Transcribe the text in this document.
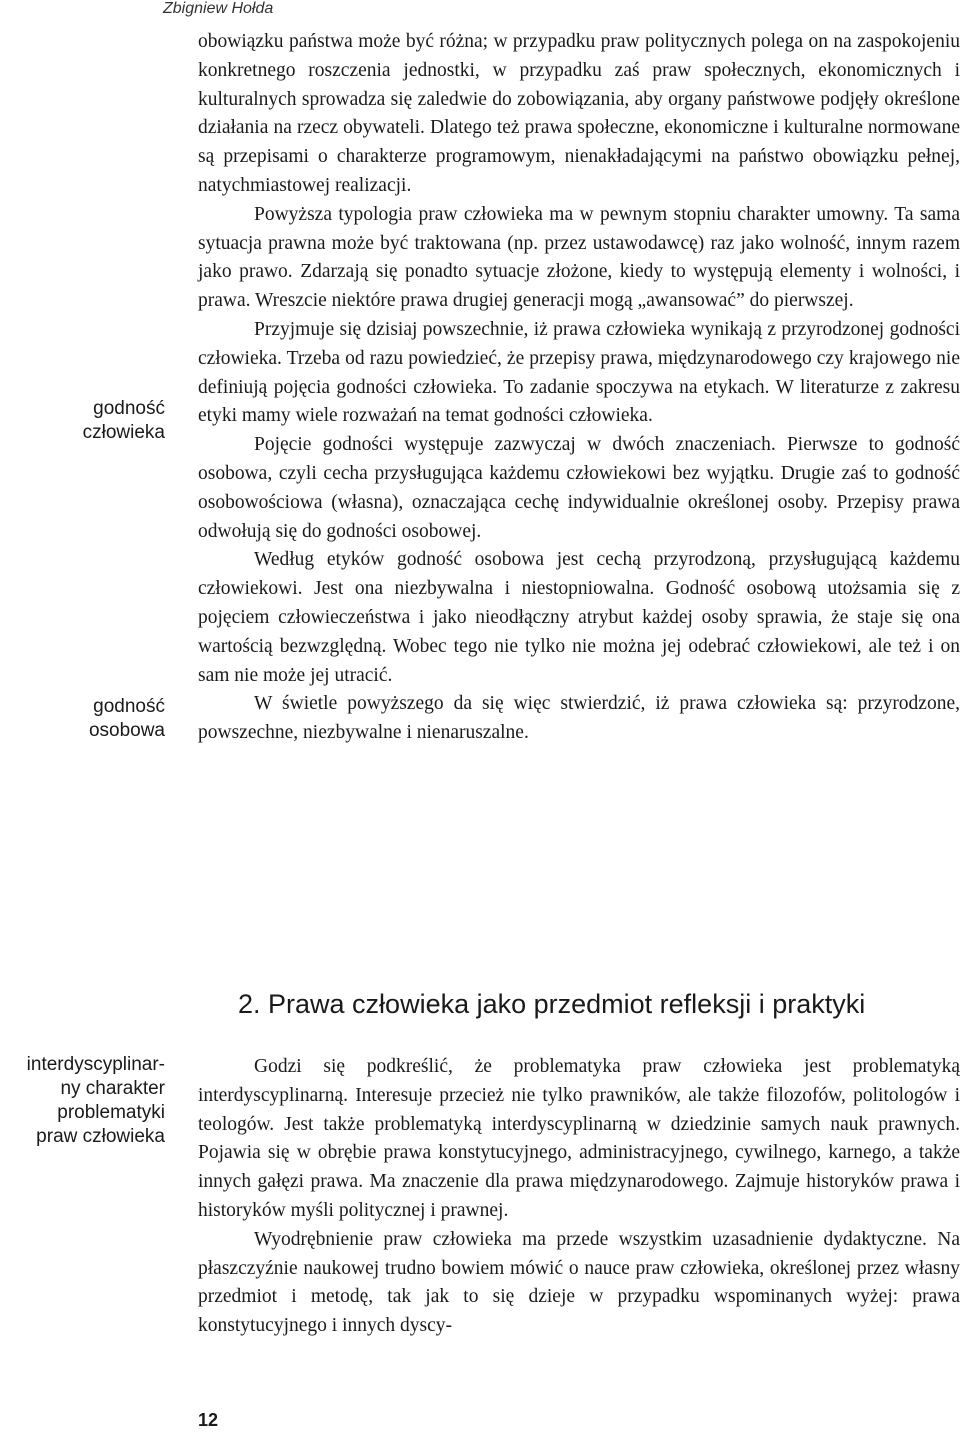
Zbigniew Hołda

obowiązku państwa może być różna; w przypadku praw politycznych polega on na zaspokojeniu konkretnego roszczenia jednostki, w przypadku zaś praw społecznych, ekonomicznych i kulturalnych sprowadza się zaledwie do zobowiązania, aby organy państwowe podjęły określone działania na rzecz obywateli. Dlatego też prawa społeczne, ekonomiczne i kulturalne normowane są przepisami o charakterze programowym, nienakładającymi na państwo obowiązku pełnej, natychmiastowej realizacji.

Powyższa typologia praw człowieka ma w pewnym stopniu charakter umowny. Ta sama sytuacja prawna może być traktowana (np. przez ustawodawcę) raz jako wolność, innym razem jako prawo. Zdarzają się ponadto sytuacje złożone, kiedy to występują elementy i wolności, i prawa. Wreszcie niektóre prawa drugiej generacji mogą „awansować” do pierwszej.

Przyjmuje się dzisiaj powszechnie, iż prawa człowieka wynikają z przyrodzonej godności człowieka. Trzeba od razu powiedzieć, że przepisy prawa, międzynarodowego czy krajowego nie definiują pojęcia godności człowieka. To zadanie spoczywa na etykach. W literaturze z zakresu etyki mamy wiele rozważań na temat godności człowieka.

Pojęcie godności występuje zazwyczaj w dwóch znaczeniach. Pierwsze to godność osobowa, czyli cecha przysługująca każdemu człowiekowi bez wyjątku. Drugie zaś to godność osobowościowa (własna), oznaczająca cechę indywidualnie określonej osoby. Przepisy prawa odwołują się do godności osobowej.

Według etyków godność osobowa jest cechą przyrodzoną, przysługującą każdemu człowiekowi. Jest ona niezbywalna i niestopniowalna. Godność osobową utożsamia się z pojęciem człowieczeństwa i jako nieodłączny atrybut każdej osoby sprawia, że staje się ona wartością bezwzględną. Wobec tego nie tylko nie można jej odebrać człowiekowi, ale też i on sam nie może jej utracić.

W świetle powyższego da się więc stwierdzić, iż prawa człowieka są: przyrodzone, powszechne, niezbywalne i nienaruszalne.

godność
człowieka
godność
osobowa
2. Prawa człowieka jako przedmiot refleksji i praktyki
interdyscyplinar-
ny charakter
problematyki
praw człowieka

Godzi się podkreślić, że problematyka praw człowieka jest problematyką interdyscyplinarną. Interesuje przecież nie tylko prawników, ale także filozofów, politologów i teologów. Jest także problematyką interdyscyplinarną w dziedzinie samych nauk prawnych. Pojawia się w obrębie prawa konstytucyjnego, administracyjnego, cywilnego, karnego, a także innych gałęzi prawa. Ma znaczenie dla prawa międzynarodowego. Zajmuje historyków prawa i historyków myśli politycznej i prawnej.

Wyodrębnienie praw człowieka ma przede wszystkim uzasadnienie dydaktyczne. Na płaszczyźnie naukowej trudno bowiem mówić o nauce praw człowieka, określonej przez własny przedmiot i metodę, tak jak to się dzieje w przypadku wspominanych wyżej: prawa konstytucyjnego i innych dyscy-

12
